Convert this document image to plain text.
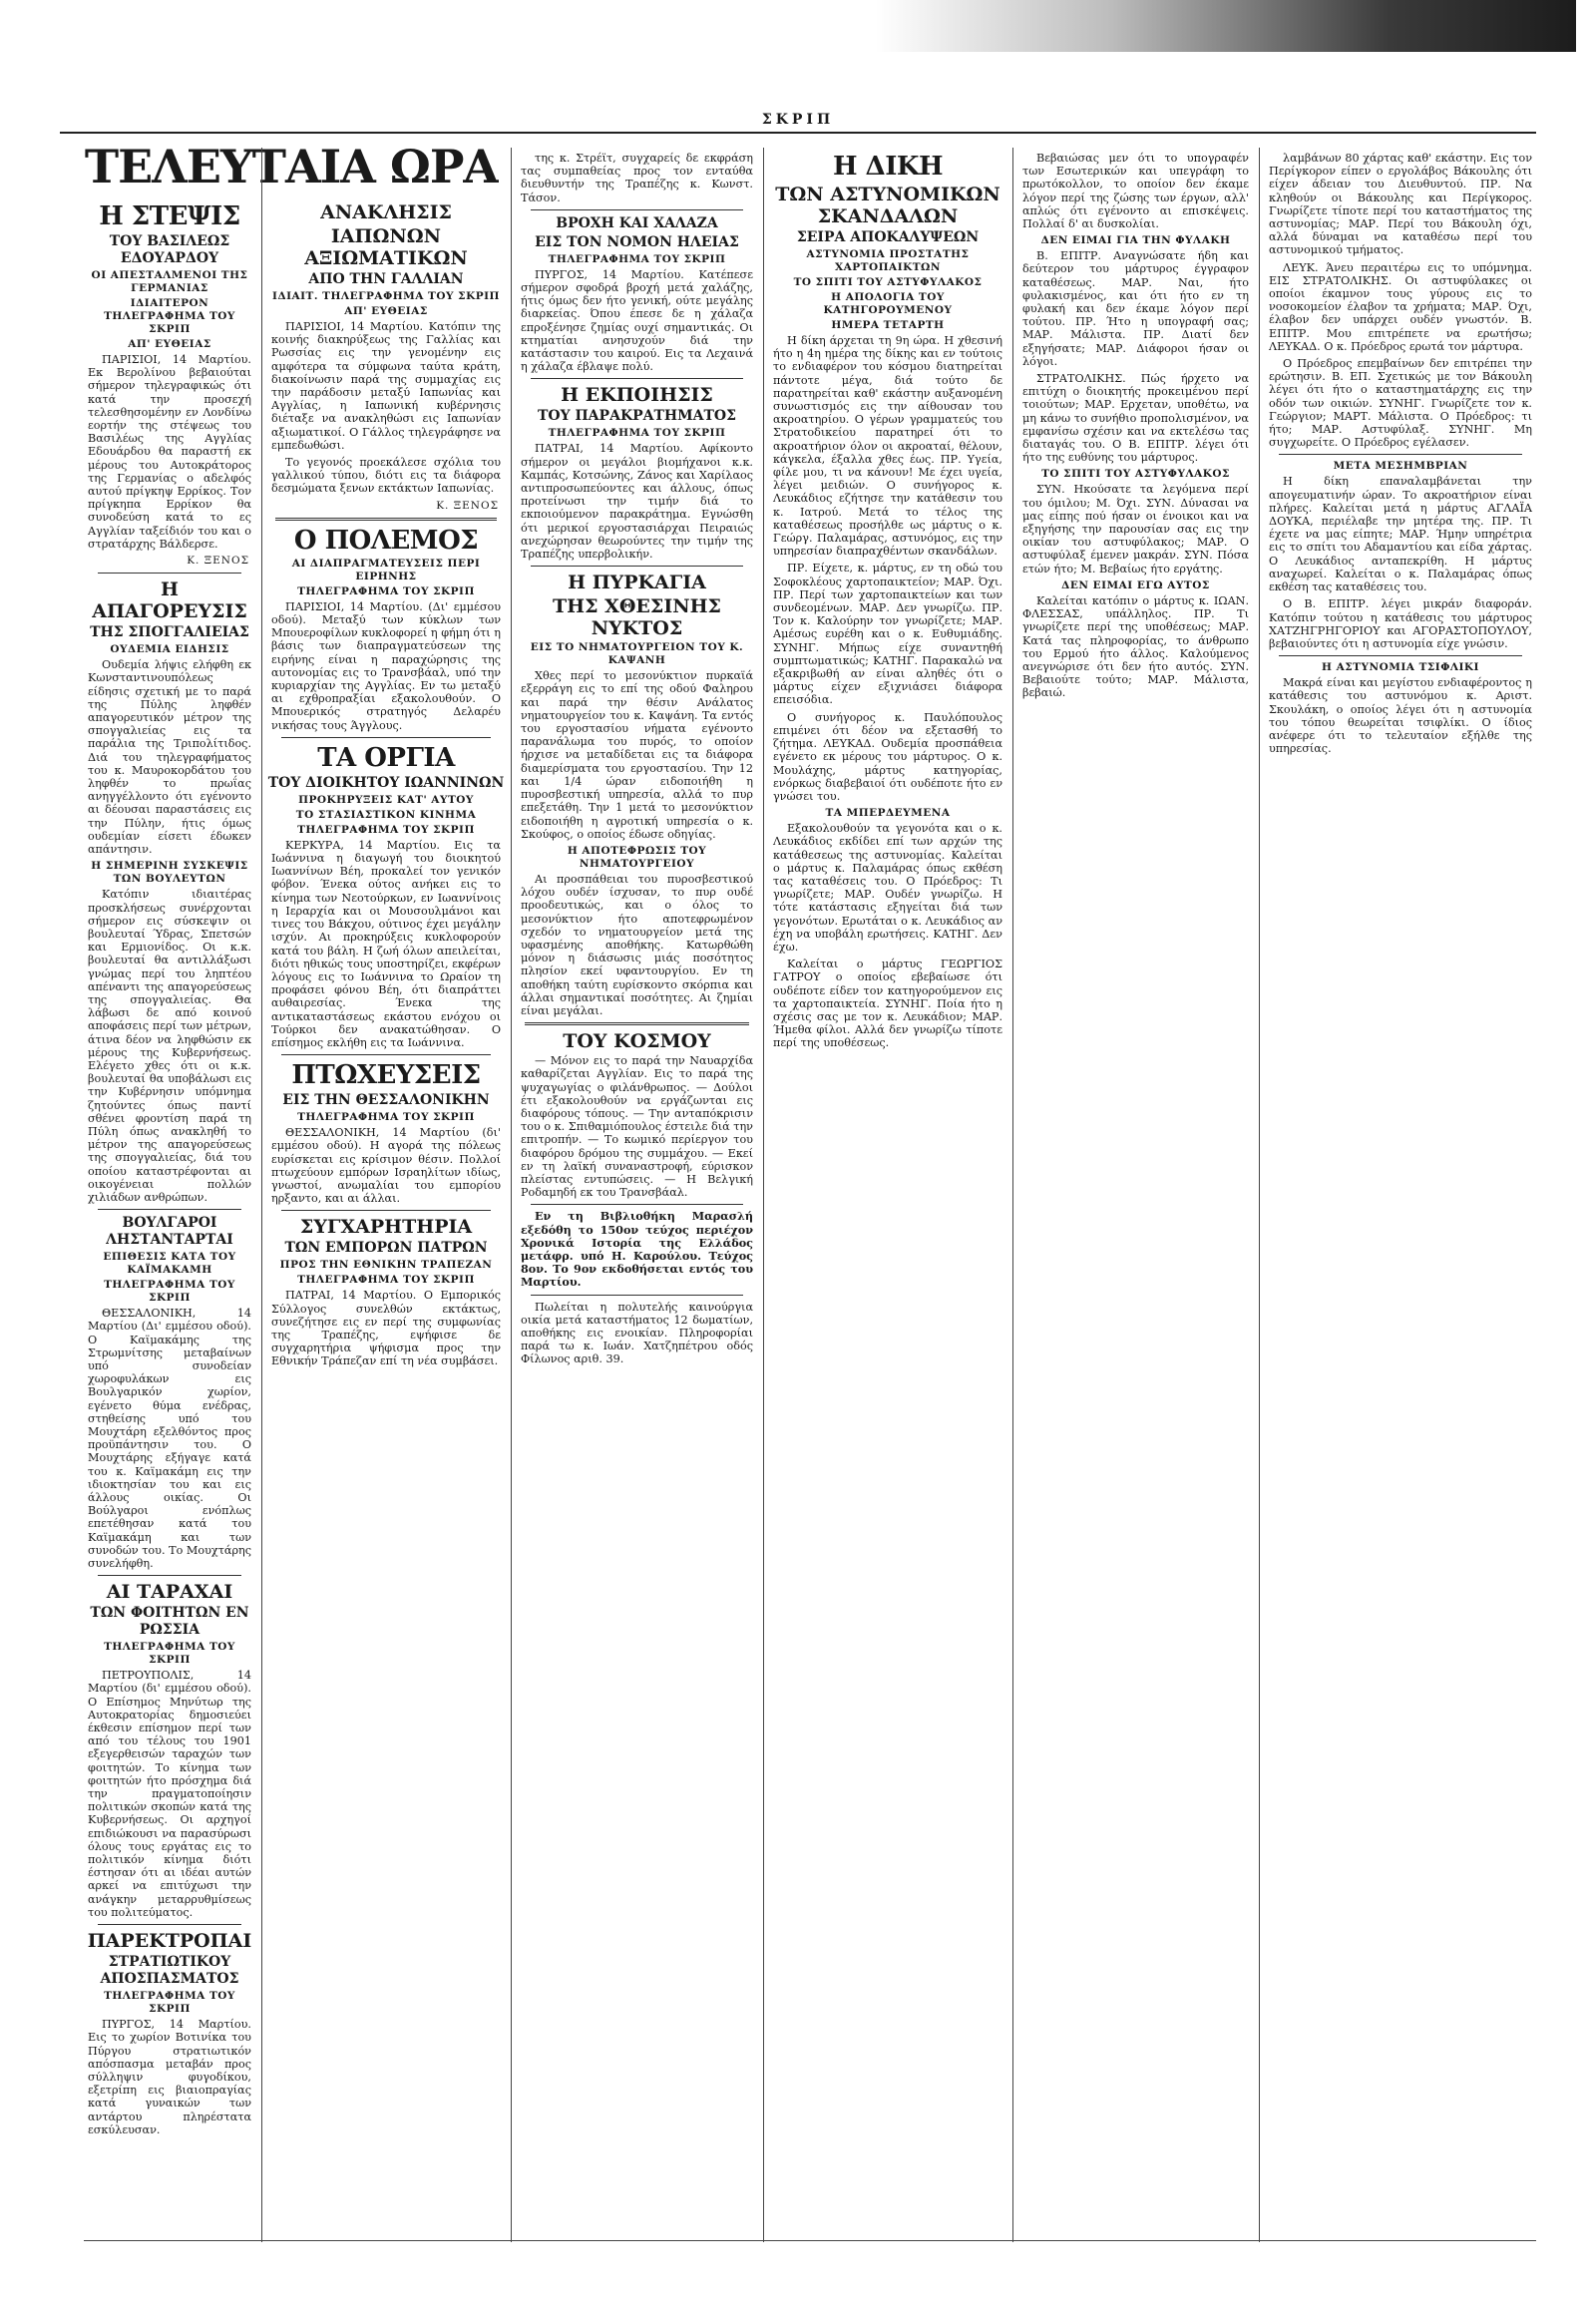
ΣΚΡΙΠ
ΤΕΛΕΥΤΑΙΑ ΩΡΑ
Η ΣΤΕΨΙΣ
ΤΟΥ ΒΑΣΙΛΕΩΣ ΕΔΟΥΑΡΔΟΥ
ΟΙ ΑΠΕΣΤΑΛΜΕΝΟΙ ΤΗΣ ΓΕΡΜΑΝΙΑΣ
ΙΔΙΑΙΤΕΡΟΝ ΤΗΛΕΓΡΑΦΗΜΑ ΤΟΥ ΣΚΡΙΠ
ΑΠ' ΕΥΘΕΙΑΣ
ΠΑΡΙΣΙΟΙ, 14 Μαρτίου. Εκ Βερολίνου βεβαιούται σήμερον τηλεγραφικώς ότι κατά την προσεχή τελεσθησομένην εν Λονδίνω εορτήν της στέψεως του Βασιλέως της Αγγλίας Εδουάρδου θα παραστή εκ μέρους του Αυτοκράτορος της Γερμανίας ο αδελφός αυτού πρίγκηψ Ερρίκος. Τον πρίγκηπα Ερρίκον θα συνοδεύση κατά το ες Αγγλίαν ταξείδιόν του και ο στρατάρχης Βάλδερσε.
Κ. ΞΕΝΟΣ
Η ΑΠΑΓΟΡΕΥΣΙΣ
ΤΗΣ ΣΠΟΓΓΑΛΙΕΙΑΣ
ΟΥΔΕΜΙΑ ΕΙΔΗΣΙΣ
Ουδεμία λήψις ελήφθη εκ Κωνσταντινουπόλεως είδησις σχετική με το παρά της Πύλης ληφθέν απαγορευτικόν μέτρον της σπογγαλιείας εις τα παράλια της Τριπολίτιδος. Διά του τηλεγραφήματος του κ. Μαυροκορδάτου του ληφθέν το πρωΐας ανηγγέλλοντο ότι εγένοντο αι δέουσαι παραστάσεις εις την Πύλην, ήτις όμως ουδεμίαν είσετι έδωκεν απάντησιν.
Η ΣΗΜΕΡΙΝΗ ΣΥΣΚΕΨΙΣ ΤΩΝ ΒΟΥΛΕΥΤΩΝ
Κατόπιν ιδιαιτέρας προσκλήσεως συνέρχονται σήμερον εις σύσκεψιν οι βουλευταί Ύδρας, Σπετσών και Ερμιονίδος. Οι κ.κ. βουλευταί θα αντιλλάξωσι γνώμας περί του ληπτέου απέναντι της απαγορεύσεως της σπογγαλιείας. Θα λάβωσι δε από κοινού αποφάσεις περί των μέτρων, άτινα δέον να ληφθώσιν εκ μέρους της Κυβερνήσεως. Ελέγετο χθες ότι οι κ.κ. βουλευταί θα υποβάλωσι εις την Κυβέρνησιν υπόμνημα ζητούντες όπως παντί σθένει φροντίση παρά τη Πύλη όπως ανακληθή το μέτρον της απαγορεύσεως της σπογγαλιείας, διά του οποίου καταστρέφονται αι οικογένειαι πολλών χιλιάδων ανθρώπων.
ΒΟΥΛΓΑΡΟΙ ΛΗΣΤΑΝΤΑΡΤΑΙ
ΕΠΙΘΕΣΙΣ ΚΑΤΑ ΤΟΥ ΚΑΪΜΑΚΑΜΗ
ΤΗΛΕΓΡΑΦΗΜΑ ΤΟΥ ΣΚΡΙΠ
ΘΕΣΣΑΛΟΝΙΚΗ, 14 Μαρτίου (Δι' εμμέσου οδού). Ο Καϊμακάμης της Στρωμνίτσης μεταβαίνων υπό συνοδείαν χωροφυλάκων εις Βουλγαρικόν χωρίον, εγένετο θύμα ενέδρας, στηθείσης υπό του Μουχτάρη εξελθόντος προς προϋπάντησιν του. Ο Μουχτάρης εξήγαγε κατά του κ. Καϊμακάμη εις την ιδιοκτησίαν του και εις άλλους οικίας. Οι Βούλγαροι ενόπλως επετέθησαν κατά του Καϊμακάμη και των συνοδών του. Το Μουχτάρης συνελήφθη.
ΑΙ ΤΑΡΑΧΑΙ
ΤΩΝ ΦΟΙΤΗΤΩΝ ΕΝ ΡΩΣΣΙΑ
ΤΗΛΕΓΡΑΦΗΜΑ ΤΟΥ ΣΚΡΙΠ
ΠΕΤΡΟΥΠΟΛΙΣ, 14 Μαρτίου (δι' εμμέσου οδού). Ο Επίσημος Μηνύτωρ της Αυτοκρατορίας δημοσιεύει έκθεσιν επίσημον περί των από του τέλους του 1901 εξεγερθεισών ταραχών των φοιτητών. Το κίνημα των φοιτητών ήτο πρόσχημα διά την πραγματοποίησιν πολιτικών σκοπών κατά της Κυβερνήσεως. Οι αρχηγοί επιδιώκουσι να παρασύρωσι όλους τους εργάτας εις το πολιτικόν κίνημα διότι έστησαν ότι αι ιδέαι αυτών αρκεί να επιτύχωσι την ανάγκην μεταρρυθμίσεως του πολιτεύματος.
ΠΑΡΕΚΤΡΟΠΑΙ
ΣΤΡΑΤΙΩΤΙΚΟΥ ΑΠΟΣΠΑΣΜΑΤΟΣ
ΤΗΛΕΓΡΑΦΗΜΑ ΤΟΥ ΣΚΡΙΠ
ΠΥΡΓΟΣ, 14 Μαρτίου. Εις το χωρίον Βοτινίκα του Πύργου στρατιωτικόν απόσπασμα μεταβάν προς σύλληψιν φυγοδίκου, εξετρίπη εις βιαιοπραγίας κατά γυναικών των αντάρτου πληρέστατα εσκύλευσαν.
ΑΝΑΚΛΗΣΙΣ
ΙΑΠΩΝΩΝ ΑΞΙΩΜΑΤΙΚΩΝ
ΑΠΟ ΤΗΝ ΓΑΛΛΙΑΝ
ΙΔΙΑΙΤ. ΤΗΛΕΓΡΑΦΗΜΑ ΤΟΥ ΣΚΡΙΠ
ΑΠ' ΕΥΘΕΙΑΣ
ΠΑΡΙΣΙΟΙ, 14 Μαρτίου. Κατόπιν της κοινής διακηρύξεως της Γαλλίας και Ρωσσίας εις την γενομένην εις αμφότερα τα σύμφωνα ταύτα κράτη, διακοίνωσιν παρά της συμμαχίας εις την παράδοσιν μεταξύ Ιαπωνίας και Αγγλίας, η Ιαπωνική κυβέρνησις διέταξε να ανακληθώσι εις Ιαπωνίαν αξιωματικοί. Ο Γάλλος τηλεγράφησε να εμπεδωθώσι.
Το γεγονός προεκάλεσε σχόλια του γαλλικού τύπου, διότι εις τα διάφορα δεσμώματα ξενων εκτάκτων Ιαπωνίας.
Κ. ΞΕΝΟΣ
Ο ΠΟΛΕΜΟΣ
ΑΙ ΔΙΑΠΡΑΓΜΑΤΕΥΣΕΙΣ ΠΕΡΙ ΕΙΡΗΝΗΣ
ΤΗΛΕΓΡΑΦΗΜΑ ΤΟΥ ΣΚΡΙΠ
ΠΑΡΙΣΙΟΙ, 14 Μαρτίου. (Δι' εμμέσου οδού). Μεταξύ των κύκλων των Μπουεροφίλων κυκλοφορεί η φήμη ότι η βάσις των διαπραγματεύσεων της ειρήνης είναι η παραχώρησις της αυτονομίας εις το Τρανσβάαλ, υπό την κυριαρχίαν της Αγγλίας. Εν τω μεταξύ αι εχθροπραξίαι εξακολουθούν. Ο Μπουερικός στρατηγός Δελαρέυ νικήσας τους Άγγλους.
ΤΑ ΟΡΓΙΑ
ΤΟΥ ΔΙΟΙΚΗΤΟΥ ΙΩΑΝΝΙΝΩΝ
ΠΡΟΚΗΡΥΞΕΙΣ ΚΑΤ' ΑΥΤΟΥ
ΤΟ ΣΤΑΣΙΑΣΤΙΚΟΝ ΚΙΝΗΜΑ
ΤΗΛΕΓΡΑΦΗΜΑ ΤΟΥ ΣΚΡΙΠ
ΚΕΡΚΥΡΑ, 14 Μαρτίου. Εις τα Ιωάννινα η διαγωγή του διοικητού Ιωαννίνων Βέη, προκαλεί τον γενικόν φόβον. Ένεκα ούτος ανήκει εις το κίνημα των Νεοτούρκων, εν Ιωαννίνοις η Ιεραρχία και οι Μουσουλμάνοι και τινες του Βάκχου, ούτινος έχει μεγάλην ισχύν. Αι προκηρύξεις κυκλοφορούν κατά του βάλη. Η ζωή όλων απειλείται, διότι ηθικώς τους υποστηρίζει, εκφέρων λόγους εις το Ιωάννινα το Ωραίον τη προφάσει φόνου Βέη, ότι διαπράττει αυθαιρεσίας. Ένεκα της αντικαταστάσεως εκάστου ενόχου οι Τούρκοι δεν ανακατώθησαν. Ο επίσημος εκλήθη εις τα Ιωάννινα.
ΠΤΩΧΕΥΣΕΙΣ
ΕΙΣ ΤΗΝ ΘΕΣΣΑΛΟΝΙΚΗΝ
ΤΗΛΕΓΡΑΦΗΜΑ ΤΟΥ ΣΚΡΙΠ
ΘΕΣΣΑΛΟΝΙΚΗ, 14 Μαρτίου (δι' εμμέσου οδού). Η αγορά της πόλεως ευρίσκεται εις κρίσιμον θέσιν. Πολλοί πτωχεύουν εμπόρων Ισραηλίτων ιδίως, γνωστοί, ανωμαλίαι του εμπορίου ηρξαντο, και αι άλλαι.
ΣΥΓΧΑΡΗΤΗΡΙΑ
ΤΩΝ ΕΜΠΟΡΩΝ ΠΑΤΡΩΝ
ΠΡΟΣ ΤΗΝ ΕΘΝΙΚΗΝ ΤΡΑΠΕΖΑΝ
ΤΗΛΕΓΡΑΦΗΜΑ ΤΟΥ ΣΚΡΙΠ
ΠΑΤΡΑΙ, 14 Μαρτίου. Ο Εμπορικός Σύλλογος συνελθών εκτάκτως, συνεζήτησε εις εν περί της συμφωνίας της Τραπέζης, εψήφισε δε συγχαρητήρια ψήφισμα προς την Εθνικήν Τράπεζαν επί τη νέα συμβάσει.
της κ. Στρέϊτ, συγχαρείς δε εκφράση τας συμπαθείας προς τον ενταύθα διευθυντήν της Τραπέζης κ. Κωνστ. Τάσον.
ΒΡΟΧΗ ΚΑΙ ΧΑΛΑΖΑ
ΕΙΣ ΤΟΝ ΝΟΜΟΝ ΗΛΕΙΑΣ
ΤΗΛΕΓΡΑΦΗΜΑ ΤΟΥ ΣΚΡΙΠ
ΠΥΡΓΟΣ, 14 Μαρτίου. Κατέπεσε σήμερον σφοδρά βροχή μετά χαλάζης, ήτις όμως δεν ήτο γενική, ούτε μεγάλης διαρκείας. Όπου έπεσε δε η χάλαζα επροξένησε ζημίας ουχί σημαντικάς. Οι κτηματίαι ανησυχούν διά την κατάστασιν του καιρού. Εις τα Λεχαινά η χάλαζα έβλαψε πολύ.
Η ΕΚΠΟΙΗΣΙΣ
ΤΟΥ ΠΑΡΑΚΡΑΤΗΜΑΤΟΣ
ΤΗΛΕΓΡΑΦΗΜΑ ΤΟΥ ΣΚΡΙΠ
ΠΑΤΡΑΙ, 14 Μαρτίου. Αφίκοντο σήμερον οι μεγάλοι βιομήχανοι κ.κ. Καμπάς, Κοτσώνης, Ζάνος και Χαρίλαος αντιπροσωπεύοντες και άλλους, όπως προτείνωσι την τιμήν διά το εκποιούμενον παρακράτημα. Εγνώσθη ότι μερικοί εργοστασιάρχαι Πειραιώς ανεχώρησαν θεωρούντες την τιμήν της Τραπέζης υπερβολικήν.
Η ΠΥΡΚΑΓΙΑ
ΤΗΣ ΧΘΕΣΙΝΗΣ ΝΥΚΤΟΣ
ΕΙΣ ΤΟ ΝΗΜΑΤΟΥΡΓΕΙΟΝ ΤΟΥ Κ. ΚΑΨΑΝΗ
Χθες περί το μεσονύκτιον πυρκαϊά εξερράγη εις το επί της οδού Φαληρου και παρά την θέσιν Ανάλατος νηματουργείον του κ. Καψάνη. Τα εντός του εργοστασίου νήματα εγένοντο παρανάλωμα του πυρός, το οποίον ήρχισε να μεταδίδεται εις τα διάφορα διαμερίσματα του εργοστασίου. Την 12 και 1/4 ώραν ειδοποιήθη η πυροσβεστική υπηρεσία, αλλά το πυρ επεξετάθη. Την 1 μετά το μεσονύκτιον ειδοποιήθη η αγροτική υπηρεσία ο κ. Σκούφος, ο οποίος έδωσε οδηγίας.
Η ΑΠΟΤΕΦΡΩΣΙΣ ΤΟΥ ΝΗΜΑΤΟΥΡΓΕΙΟΥ
Αι προσπάθειαι του πυροσβεστικού λόχου ουδέν ίσχυσαν, το πυρ ουδέ προοδευτικώς, και ο όλος το μεσονύκτιον ήτο αποτεφρωμένον σχεδόν το νηματουργείον μετά της υφασμένης αποθήκης. Κατωρθώθη μόνον η διάσωσις μιάς ποσότητος πλησίον εκεί υφαντουργίου. Εν τη αποθήκη ταύτη ευρίσκοντο σκόρπια και άλλαι σημαντικαί ποσότητες. Αι ζημίαι είναι μεγάλαι.
ΤΟΥ ΚΟΣΜΟΥ
— Μόνον εις το παρά την Ναυαρχίδα καθαρίζεται Αγγλίαν. Εις το παρά της ψυχαγωγίας ο φιλάνθρωπος. — Δούλοι έτι εξακολουθούν να εργάζωνται εις διαφόρους τόπους. — Την ανταπόκρισιν του ο κ. Σπιθαμιόπουλος έστειλε διά την επιτροπήν. — Το κωμικό περίεργον του διαφόρου δρόμου της συμμάχου. — Εκεί εν τη λαϊκή συναναστροφή, εύρισκον πλείστας εντυπώσεις. — Η Βελγική Ροδαμηδή εκ του Τρανσβάαλ.
Εν τη Βιβλιοθήκη Μαρασλή εξεδόθη το 150ον τεύχος περιέχον Χρονικά Ιστορία της Ελλάδος μετάφρ. υπό Η. Καρούλου. Τεύχος 8ον. Το 9ον εκδοθήσεται εντός του Μαρτίου.
Πωλείται η πολυτελής καινούργια οικία μετά καταστήματος 12 δωματίων, αποθήκης εις ενοικίαν. Πληροφορίαι παρά τω κ. Ιωάν. Χατζηπέτρου οδός Φίλωνος αριθ. 39.
Η ΔΙΚΗ
ΤΩΝ ΑΣΤΥΝΟΜΙΚΩΝ ΣΚΑΝΔΑΛΩΝ
ΣΕΙΡΑ ΑΠΟΚΑΛΥΨΕΩΝ
ΑΣΤΥΝΟΜΙΑ ΠΡΟΣΤΑΤΗΣ ΧΑΡΤΟΠΑΙΚΤΩΝ
ΤΟ ΣΠΙΤΙ ΤΟΥ ΑΣΤΥΦΥΛΑΚΟΣ
Η ΑΠΟΛΟΓΙΑ ΤΟΥ ΚΑΤΗΓΟΡΟΥΜΕΝΟΥ
ΗΜΕΡΑ ΤΕΤΑΡΤΗ
Η δίκη άρχεται τη 9η ώρα. Η χθεσινή ήτο η 4η ημέρα της δίκης και εν τούτοις το ενδιαφέρον του κόσμου διατηρείται πάντοτε μέγα, διά τούτο δε παρατηρείται καθ' εκάστην αυξανομένη συνωστισμός εις την αίθουσαν του ακροατηρίου. Ο γέρων γραμματεύς του Στρατοδικείου παρατηρεί ότι το ακροατήριον όλον οι ακροαταί, θέλουν, κάγκελα, έξαλλα χθες έως. ΠΡ. Υγεία, φίλε μου, τι να κάνουν! Με έχει υγεία, λέγει μειδιών. Ο συνήγορος κ. Λευκάδιος εζήτησε την κατάθεσιν του κ. Ιατρού. Μετά το τέλος της καταθέσεως προσήλθε ως μάρτυς ο κ. Γεώργ. Παλαμάρας, αστυνόμος, εις την υπηρεσίαν διαπραχθέντων σκανδάλων.
ΠΡ. Είχετε, κ. μάρτυς, εν τη οδώ του Σοφοκλέους χαρτοπαικτείον; ΜΑΡ. Όχι. ΠΡ. Περί των χαρτοπαικτείων και των συνδεομένων. ΜΑΡ. Δεν γνωρίζω. ΠΡ. Τον κ. Καλούρην τον γνωρίζετε; ΜΑΡ. Αμέσως ευρέθη και ο κ. Ευθυμιάδης. ΣΥΝΗΓ. Μήπως είχε συναντηθή συμπτωματικώς; ΚΑΤΗΓ. Παρακαλώ να εξακριβωθή αν είναι αληθές ότι ο μάρτυς είχεν εξιχνιάσει διάφορα επεισόδια.
Ο συνήγορος κ. Παυλόπουλος επιμένει ότι δέον να εξετασθή το ζήτημα. ΛΕΥΚΑΔ. Ουδεμία προσπάθεια εγένετο εκ μέρους του μάρτυρος. Ο κ. Μουλάχης, μάρτυς κατηγορίας, ενόρκως διαβεβαιοί ότι ουδέποτε ήτο εν γνώσει του.
ΤΑ ΜΠΕΡΔΕΥΜΕΝΑ
Εξακολουθούν τα γεγονότα και ο κ. Λευκάδιος εκδίδει επί των αρχών της κατάθεσεως της αστυνομίας. Καλείται ο μάρτυς κ. Παλαμάρας όπως εκθέση τας καταθέσεις του. Ο Πρόεδρος: Τι γνωρίζετε; ΜΑΡ. Ουδέν γνωρίζω. Η τότε κατάστασις εξηγείται διά των γεγονότων. Ερωτάται ο κ. Λευκάδιος αν έχη να υποβάλη ερωτήσεις. ΚΑΤΗΓ. Δεν έχω.
Καλείται ο μάρτυς ΓΕΩΡΓΙΟΣ ΓΑΤΡΟΥ ο οποίος εβεβαίωσε ότι ουδέποτε είδεν τον κατηγορούμενον εις τα χαρτοπαικτεία. ΣΥΝΗΓ. Ποία ήτο η σχέσις σας με τον κ. Λευκάδιον; ΜΑΡ. Ήμεθα φίλοι. Αλλά δεν γνωρίζω τίποτε περί της υποθέσεως.
Βεβαιώσας μεν ότι το υπογραφέν των Εσωτερικών και υπεγράφη το πρωτόκολλον, το οποίον δεν έκαμε λόγον περί της ζώσης των έργων, αλλ' απλώς ότι εγένοντο αι επισκέψεις. Πολλαί δ' αι δυσκολίαι.
ΔΕΝ ΕΙΜΑΙ ΓΙΑ ΤΗΝ ΦΥΛΑΚΗ
Β. ΕΠΙΤΡ. Αναγνώσατε ήδη και δεύτερον του μάρτυρος έγγραφον καταθέσεως. ΜΑΡ. Ναι, ήτο φυλακισμένος, και ότι ήτο εν τη φυλακή και δεν έκαμε λόγον περί τούτου. ΠΡ. Ήτο η υπογραφή σας; ΜΑΡ. Μάλιστα. ΠΡ. Διατί δεν εξηγήσατε; ΜΑΡ. Διάφοροι ήσαν οι λόγοι.
ΣΤΡΑΤΟΛΙΚΗΣ. Πώς ήρχετο να επιτύχη ο διοικητής προκειμένου περί τοιούτων; ΜΑΡ. Ερχεταν, υποθέτω, να μη κάνω το συνήθιο προπολισμένον, να εμφανίσω σχέσιν και να εκτελέσω τας διαταγάς του. Ο Β. ΕΠΙΤΡ. λέγει ότι ήτο της ευθύνης του μάρτυρος.
ΤΟ ΣΠΙΤΙ ΤΟΥ ΑΣΤΥΦΥΛΑΚΟΣ
ΣΥΝ. Ηκούσατε τα λεγόμενα περί του όμιλου; Μ. Όχι. ΣΥΝ. Δύνασαι να μας είπης πού ήσαν οι ένοικοι και να εξηγήσης την παρουσίαν σας εις την οικίαν του αστυφύλακος; ΜΑΡ. Ο αστυφύλαξ έμενεν μακράν. ΣΥΝ. Πόσα ετών ήτο; Μ. Βεβαίως ήτο εργάτης.
ΔΕΝ ΕΙΜΑΙ ΕΓΩ ΑΥΤΟΣ
Καλείται κατόπιν ο μάρτυς κ. ΙΩΑΝ. ΦΛΕΣΣΑΣ, υπάλληλος. ΠΡ. Τι γνωρίζετε περί της υποθέσεως; ΜΑΡ. Κατά τας πληροφορίας, το άνθρωπο του Ερμού ήτο άλλος. Καλούμενος ανεγνώρισε ότι δεν ήτο αυτός. ΣΥΝ. Βεβαιούτε τούτο; ΜΑΡ. Μάλιστα, βεβαιώ.
λαμβάνων 80 χάρτας καθ' εκάστην. Εις τον Περίγκορον είπεν ο εργολάβος Βάκουλης ότι είχεν άδειαν του Διευθυντού. ΠΡ. Να κληθούν οι Βάκουλης και Περίγκορος. Γνωρίζετε τίποτε περί του καταστήματος της αστυνομίας; ΜΑΡ. Περί του Βάκουλη όχι, αλλά δύναμαι να καταθέσω περί του αστυνομικού τμήματος.
ΛΕΥΚ. Άνευ περαιτέρω εις το υπόμνημα. ΕΙΣ ΣΤΡΑΤΟΛΙΚΗΣ. Οι αστυφύλακες οι οποίοι έκαμνον τους γύρους εις το νοσοκομείον έλαβον τα χρήματα; ΜΑΡ. Όχι, έλαβον δεν υπάρχει ουδέν γνωστόν. Β. ΕΠΙΤΡ. Μου επιτρέπετε να ερωτήσω; ΛΕΥΚΑΔ. Ο κ. Πρόεδρος ερωτά τον μάρτυρα.
Ο Πρόεδρος επεμβαίνων δεν επιτρέπει την ερώτησιν. Β. ΕΠ. Σχετικώς με τον Βάκουλη λέγει ότι ήτο ο καταστηματάρχης εις την οδόν των οικιών. ΣΥΝΗΓ. Γνωρίζετε τον κ. Γεώργιον; ΜΑΡΤ. Μάλιστα. Ο Πρόεδρος: τι ήτο; ΜΑΡ. Αστυφύλαξ. ΣΥΝΗΓ. Μη συγχωρείτε. Ο Πρόεδρος εγέλασεν.
ΜΕΤΑ ΜΕΣΗΜΒΡΙΑΝ
Η δίκη επαναλαμβάνεται την απογευματινήν ώραν. Το ακροατήριον είναι πλήρες. Καλείται μετά η μάρτυς ΑΓΛΑΪΑ ΔΟΥΚΑ, περιέλαβε την μητέρα της. ΠΡ. Τι έχετε να μας είπητε; ΜΑΡ. Ήμην υπηρέτρια εις το σπίτι του Αδαμαντίου και είδα χάρτας. Ο Λευκάδιος ανταπεκρίθη. Η μάρτυς αναχωρεί. Καλείται ο κ. Παλαμάρας όπως εκθέση τας καταθέσεις του.
Ο Β. ΕΠΙΤΡ. λέγει μικράν διαφοράν. Κατόπιν τούτου η κατάθεσις του μάρτυρος ΧΑΤΖΗΓΡΗΓΟΡΙΟΥ και ΑΓΟΡΑΣΤΟΠΟΥΛΟΥ, βεβαιούντες ότι η αστυνομία είχε γνώσιν.
Η ΑΣΤΥΝΟΜΙΑ ΤΣΙΦΛΙΚΙ
Μακρά είναι και μεγίστου ενδιαφέροντος η κατάθεσις του αστυνόμου κ. Αριστ. Σκουλάκη, ο οποίος λέγει ότι η αστυνομία του τόπου θεωρείται τσιφλίκι. Ο ίδιος ανέφερε ότι το τελευταίον εξήλθε της υπηρεσίας.
